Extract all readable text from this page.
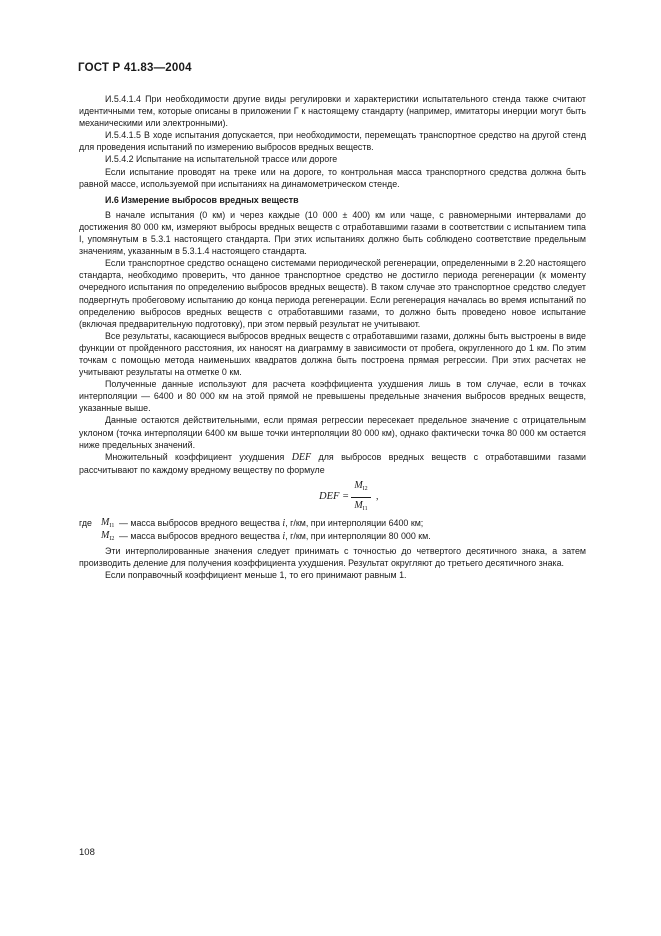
ГОСТ Р 41.83—2004

И.5.4.1.4 При необходимости другие виды регулировки и характеристики испытательного стенда также считают идентичными тем, которые описаны в приложении Г к настоящему стандарту (например, имитаторы инерции могут быть механическими или электронными).

И.5.4.1.5 В ходе испытания допускается, при необходимости, перемещать транспортное средство на другой стенд для проведения испытаний по измерению выбросов вредных веществ.

И.5.4.2 Испытание на испытательной трассе или дороге

Если испытание проводят на треке или на дороге, то контрольная масса транспортного средства должна быть равной массе, используемой при испытаниях на динамометрическом стенде.

И.6 Измерение выбросов вредных веществ

В начале испытания (0 км) и через каждые (10 000 ± 400) км или чаще, с равномерными интервалами до достижения 80 000 км, измеряют выбросы вредных веществ с отработавшими газами в соответствии с испытанием типа I, упомянутым в 5.3.1 настоящего стандарта. При этих испытаниях должно быть соблюдено соответствие предельным значениям, указанным в 5.3.1.4 настоящего стандарта.

Если транспортное средство оснащено системами периодической регенерации, определенными в 2.20 настоящего стандарта, необходимо проверить, что данное транспортное средство не достигло периода регенерации (к моменту очередного испытания по определению выбросов вредных веществ). В таком случае это транспортное средство следует подвергнуть пробеговому испытанию до конца периода регенерации. Если регенерация началась во время испытаний по определению выбросов вредных веществ с отработавшими газами, то должно быть проведено новое испытание (включая предварительную подготовку), при этом первый результат не учитывают.

Все результаты, касающиеся выбросов вредных веществ с отработавшими газами, должны быть выстроены в виде функции от пройденного расстояния, их наносят на диаграмму в зависимости от пробега, округленного до 1 км. По этим точкам с помощью метода наименьших квадратов должна быть построена прямая регрессии. При этих расчетах не учитывают результаты на отметке 0 км.

Полученные данные используют для расчета коэффициента ухудшения лишь в том случае, если в точках интерполяции — 6400 и 80 000 км на этой прямой не превышены предельные значения выбросов вредных веществ, указанные выше.

Данные остаются действительными, если прямая регрессии пересекает предельное значение с отрицательным уклоном (точка интерполяции 6400 км выше точки интерполяции 80 000 км), однако фактически точка 80 000 км остается ниже предельных значений.

Множительный коэффициент ухудшения DEF для выбросов вредных веществ с отработавшими газами рассчитывают по каждому вредному веществу по формуле

DEF =
$M_{I2}$
$M_{I1}$
,
где $M_{I1}$ — масса выбросов вредного вещества i, г/км, при интерполяции 6400 км;
$M_{I2}$ — масса выбросов вредного вещества i, г/км, при интерполяции 80 000 км.

Эти интерполированные значения следует принимать с точностью до четвертого десятичного знака, а затем производить деление для получения коэффициента ухудшения. Результат округляют до третьего десятичного знака.

Если поправочный коэффициент меньше 1, то его принимают равным 1.

108
